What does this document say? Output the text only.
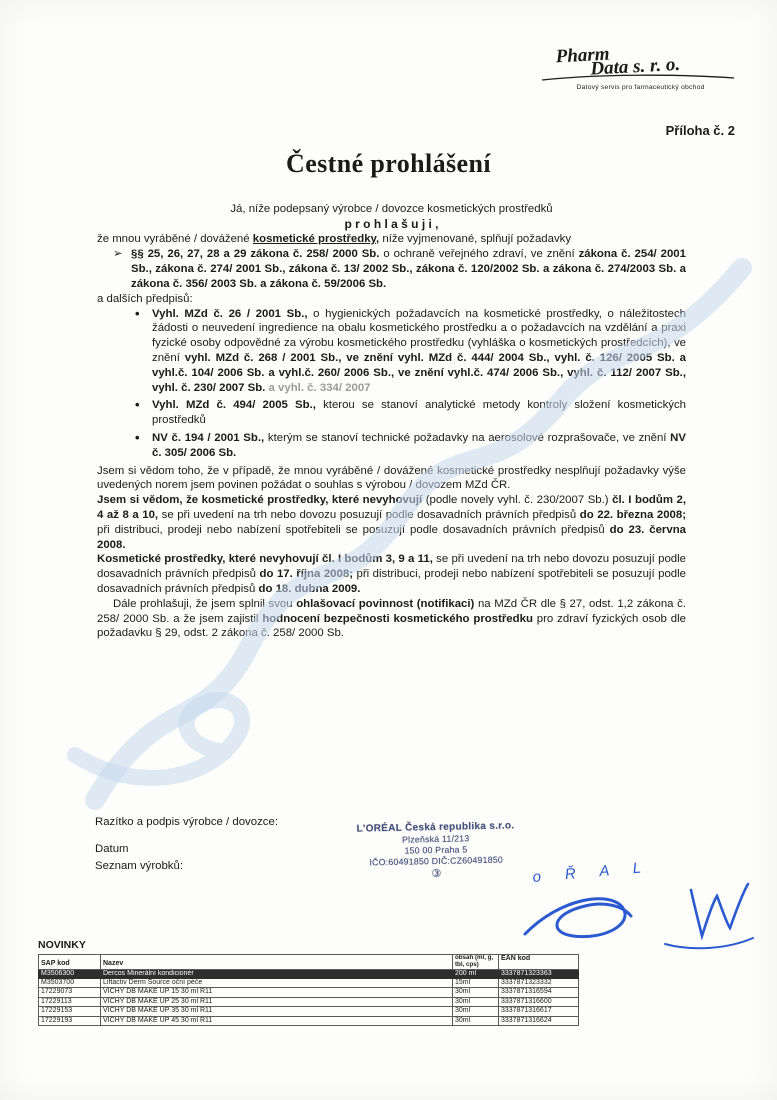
Pharm
Data s. r. o.
Datový servis pro farmaceutický obchod
Příloha č. 2
Čestné prohlášení

Já, níže podepsaný výrobce / dovozce kosmetických prostředků

p r o h l a š u j i ,

že mnou vyráběné / dovážené kosmetické prostředky, níže vyjmenované, splňují požadavky

➢ §§ 25, 26, 27, 28 a 29 zákona č. 258/ 2000 Sb. o ochraně veřejného zdraví, ve znění zákona č. 254/ 2001 Sb., zákona č. 274/ 2001 Sb., zákona č. 13/ 2002 Sb., zákona č. 120/2002 Sb. a zákona č. 274/2003 Sb. a zákona č. 356/ 2003 Sb. a zákona č. 59/2006 Sb.

a dalších předpisů:

•	Vyhl. MZd č. 26 / 2001 Sb., o hygienických požadavcích na kosmetické prostředky, o náležitostech žádosti o neuvedení ingredience na obalu kosmetického prostředku a o požadavcích na vzdělání a praxi fyzické osoby odpovědné za výrobu kosmetického prostředku (vyhláška o kosmetických prostředcích), ve znění vyhl. MZd č. 268 / 2001 Sb., ve znění vyhl. MZd č. 444/ 2004 Sb., vyhl. č. 126/ 2005 Sb. a vyhl.č. 104/ 2006 Sb. a vyhl.č. 260/ 2006 Sb., ve znění vyhl.č. 474/ 2006 Sb., vyhl. č. 112/ 2007 Sb., vyhl. č. 230/ 2007 Sb. a vyhl. č. 334/ 2007
•	Vyhl. MZd č. 494/ 2005 Sb., kterou se stanoví analytické metody kontroly složení kosmetických prostředků
•	NV č. 194 / 2001 Sb., kterým se stanoví technické požadavky na aerosolové rozprašovače, ve znění NV č. 305/ 2006 Sb.

Jsem si vědom toho, že v případě, že mnou vyráběné / dovážené kosmetické prostředky nesplňují požadavky výše uvedených norem jsem povinen požádat o souhlas s výrobou / dovozem MZd ČR.

Jsem si vědom, že kosmetické prostředky, které nevyhovují (podle novely vyhl. č. 230/2007 Sb.) čl. I bodům 2, 4 až 8 a 10, se při uvedení na trh nebo dovozu posuzují podle dosavadních právních předpisů do 22. března 2008; při distribuci, prodeji nebo nabízení spotřebiteli se posuzují podle dosavadních právních předpisů do 23. června 2008.

Kosmetické prostředky, které nevyhovují čl. I bodům 3, 9 a 11, se při uvedení na trh nebo dovozu posuzují podle dosavadních právních předpisů do 17. října 2008; při distribuci, prodeji nebo nabízení spotřebiteli se posuzují podle dosavadních právních předpisů do 18. dubna 2009.

Dále prohlašuji, že jsem splnil svou ohlašovací povinnost (notifikaci) na MZd ČR dle § 27, odst. 1,2 zákona č. 258/ 2000 Sb. a že jsem zajistil hodnocení bezpečnosti kosmetického prostředku pro zdraví fyzických osob dle požadavku § 29, odst. 2 zákona č. 258/ 2000 Sb.

Razítko a podpis výrobce / dovozce:
Datum
Seznam výrobků:
L'ORÉAL Česká republika s.r.o.
Plzeňská 11/213
150 00 Praha 5
IČO:60491850 DIČ:CZ60491850
③	o Ř A L
NOVINKY
SAP kod	Nazev	obsah (ml, g, tbl, cps)	EAN kod
M3506300	Dercos Minerální kondicionér	200 ml	3337871323363
M3503700	Liftactiv Derm Source oční péče	15ml	3337871323332
17229073	VICHY DB MAKE UP 15 30 ml R11	30ml	3337871316594
17229113	VICHY DB MAKE UP 25 30 ml R11	30ml	3337871316600
17229153	VICHY DB MAKE UP 35 30 ml R11	30ml	3337871316617
17229193	VICHY DB MAKE UP 45 30 ml R11	30ml	3337871316624
